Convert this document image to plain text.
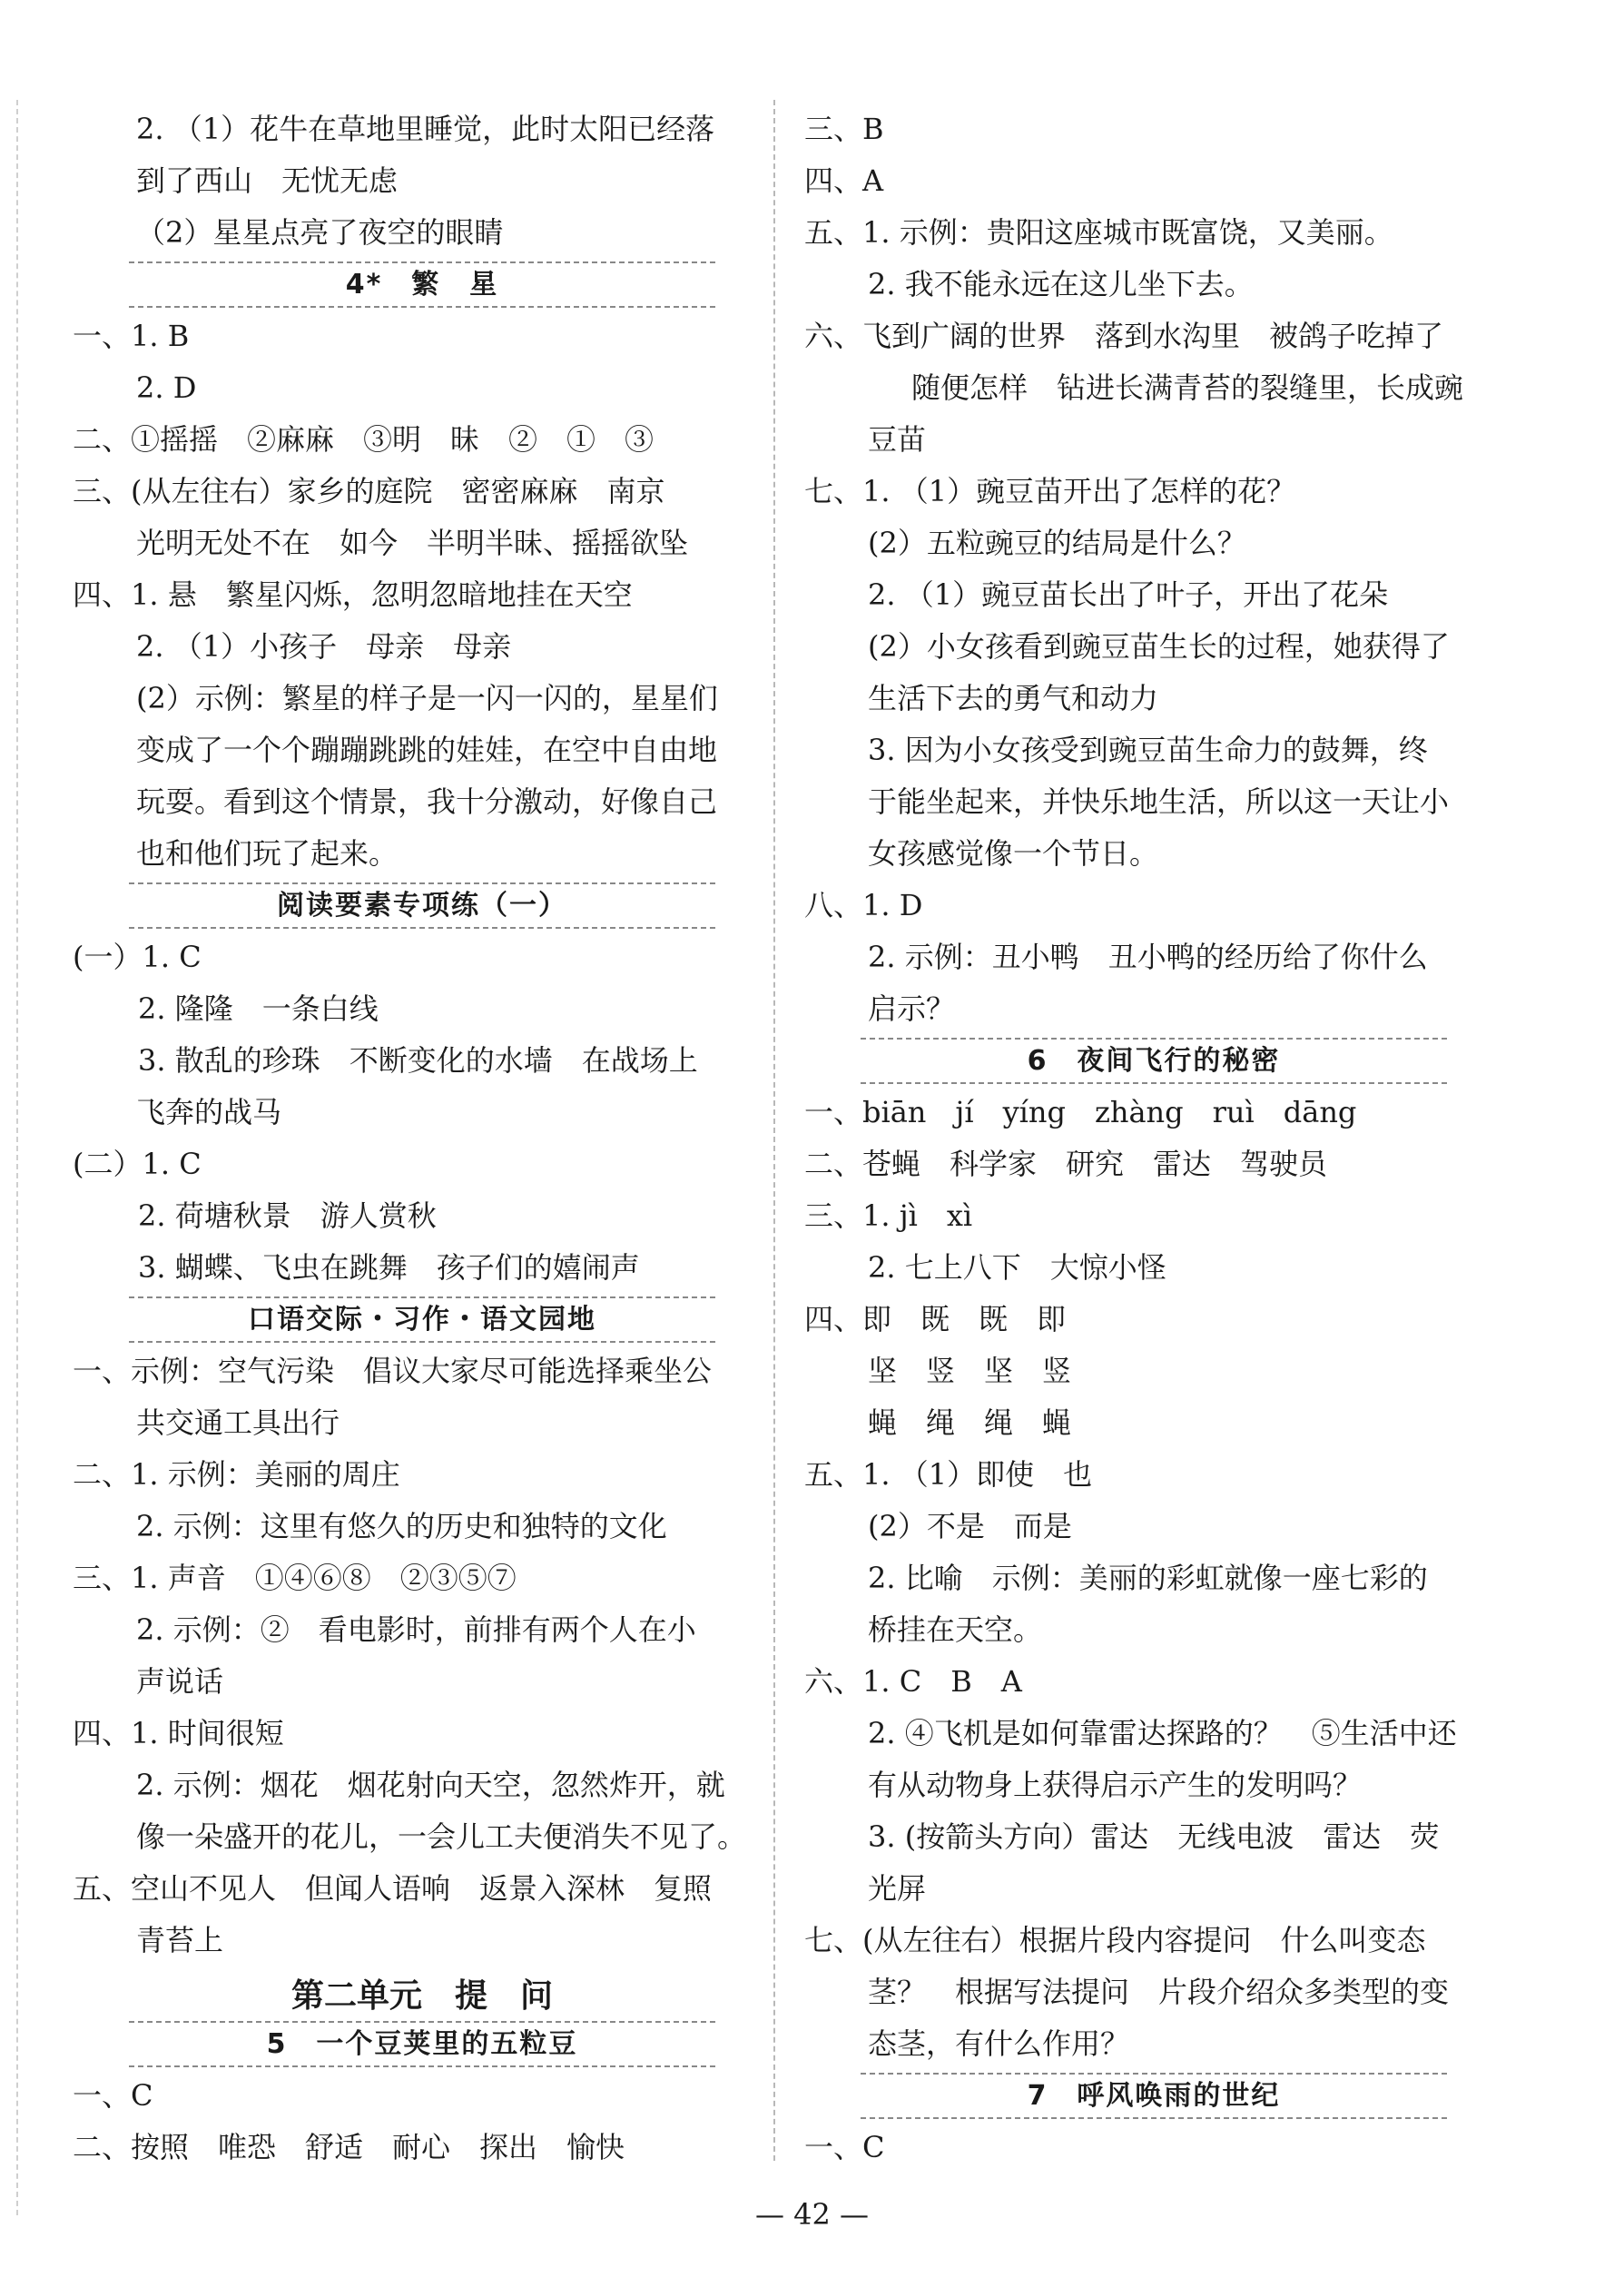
2. （1）花牛在草地里睡觉，此时太阳已经落
到了西山　无忧无虑
（2）星星点亮了夜空的眼睛
4*　繁　星
一、1. B
2. D
二、①摇摇　②麻麻　③明　昧　②　①　③
三、(从左往右）家乡的庭院　密密麻麻　南京
光明无处不在　如今　半明半昧、摇摇欲坠
四、1. 悬　繁星闪烁，忽明忽暗地挂在天空
2. （1）小孩子　母亲　母亲
(2）示例：繁星的样子是一闪一闪的，星星们
变成了一个个蹦蹦跳跳的娃娃，在空中自由地
玩耍。看到这个情景，我十分激动，好像自己
也和他们玩了起来。
阅读要素专项练（一）
(一）1. C
2. 隆隆　一条白线
3. 散乱的珍珠　不断变化的水墙　在战场上
飞奔的战马
(二）1. C
2. 荷塘秋景　游人赏秋
3. 蝴蝶、飞虫在跳舞　孩子们的嬉闹声
口语交际・习作・语文园地
一、示例：空气污染　倡议大家尽可能选择乘坐公
共交通工具出行
二、1. 示例：美丽的周庄
2. 示例：这里有悠久的历史和独特的文化
三、1. 声音　①④⑥⑧　②③⑤⑦
2. 示例：②　看电影时，前排有两个人在小
声说话
四、1. 时间很短
2. 示例：烟花　烟花射向天空，忽然炸开，就
像一朵盛开的花儿，一会儿工夫便消失不见了。
五、空山不见人　但闻人语响　返景入深林　复照
青苔上
第二单元　提　问
5　一个豆荚里的五粒豆
一、C
二、按照　唯恐　舒适　耐心　探出　愉快
三、B
四、A
五、1. 示例：贵阳这座城市既富饶，又美丽。
2. 我不能永远在这儿坐下去。
六、飞到广阔的世界　落到水沟里　被鸽子吃掉了
随便怎样　钻进长满青苔的裂缝里，长成豌
豆苗
七、1. （1）豌豆苗开出了怎样的花？
(2）五粒豌豆的结局是什么？
2. （1）豌豆苗长出了叶子，开出了花朵
(2）小女孩看到豌豆苗生长的过程，她获得了
生活下去的勇气和动力
3. 因为小女孩受到豌豆苗生命力的鼓舞，终
于能坐起来，并快乐地生活，所以这一天让小
女孩感觉像一个节日。
八、1. D
2. 示例：丑小鸭　丑小鸭的经历给了你什么
启示？
6　夜间飞行的秘密
一、biān　jí　yíng　zhàng　ruì　dāng
二、苍蝇　科学家　研究　雷达　驾驶员
三、1. jì　xì
2. 七上八下　大惊小怪
四、即　既　既　即
坚　竖　坚　竖
蝇　绳　绳　蝇
五、1. （1）即使　也
(2）不是　而是
2. 比喻　示例：美丽的彩虹就像一座七彩的
桥挂在天空。
六、1. C　B　A
2. ④飞机是如何靠雷达探路的？　⑤生活中还
有从动物身上获得启示产生的发明吗？
3. (按箭头方向）雷达　无线电波　雷达　荧
光屏
七、(从左往右）根据片段内容提问　什么叫变态
茎？　根据写法提问　片段介绍众多类型的变
态茎，有什么作用？
7　呼风唤雨的世纪
一、C
— 42 —
